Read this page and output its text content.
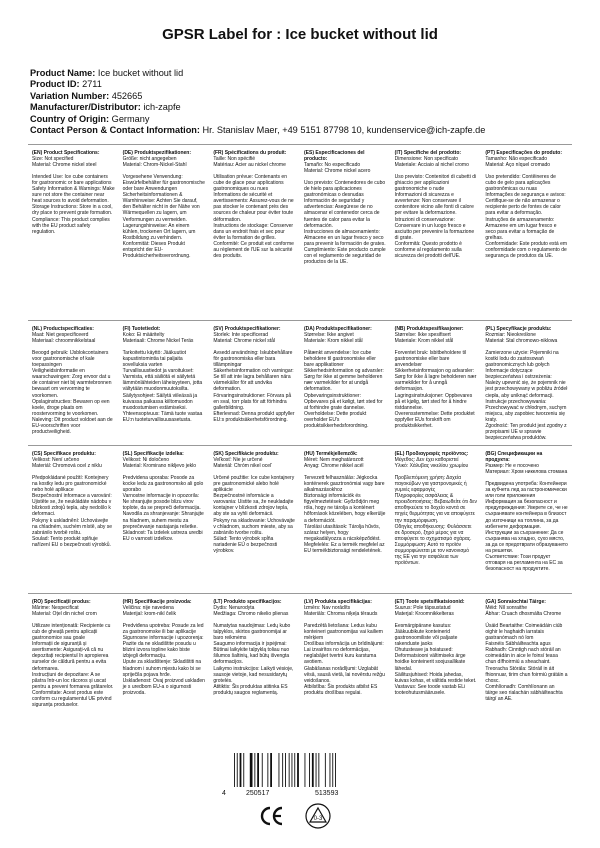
GPSR Label for : Ice bucket without lid
Product Name: Ice bucket without lid
Product ID: 2711
Variation Number: 452665
Manufacturer/Distributor: ich-zapfe
Country of Origin: Germany
Contact Person & Contact Information: Hr. Stanislav Maer, +49 5151 87798 10, kundenservice@ich-zapfe.de
(EN) Product Specifications:
Size: Not specified
Material: Chrome nickel steel

Intended Use: Ice cube containers for gastronomic or bare applications
Safety Information & Warnings: Make sure not store the container near heat sources to avoid deformation.
Storage Instructions: Store in a cool, dry place to prevent grate formation.
Compliance: This product complies with the EU product safety regulation.
(DE) Produktspezifikationen:
Größe: nicht angegeben
Material: Chrom-Nickel-Stahl

Vorgesehene Verwendung: Eiswürfelbehälter für gastronomische oder bare Anwendungen
Sicherheitsinformationen & Warnhinweise: Achten Sie darauf, den Behälter nicht in der Nähe von Wärmequellen zu lagern, um Verformungen zu vermeiden.
Lagerungshinweise: An einem kühlen, trockenen Ort lagern, um Rostbildung zu verhindern.
Konformität: Dieses Produkt entspricht der EU-Produktsicherheitsverordnung.
(FR) Spécifications du produit:
Taille: Non spécifié
Matériau: Acier au nickel chrome

Utilisation prévue: Contenants en cube de glace pour applications gastronomiques ou nues
Informations de sécurité et avertissements: Assurez-vous de ne pas stocker le contenant près des sources de chaleur pour éviter toute déformation.
Instructions de stockage: Conserver dans un endroit frais et sec pour éviter la formation de grilles.
Conformité: Ce produit est conforme au règlement de l'UE sur la sécurité des produits.
(ES) Especificaciones del producto:
Tamaño: No especificado
Material: Chrome nickel acero

Uso previsto: Contenedores de cubo de hielo para aplicaciones gastronómicas o desnudas
Información de seguridad y advertencias: Asegúrese de no almacenar el contenedor cerca de fuentes de calor para evitar la deformación.
Instrucciones de almacenamiento: Almacene en un lugar fresco y seco para prevenir la formación de grates.
Cumplimiento: Este producto cumple con el reglamento de seguridad de productos de la UE.
(IT) Specifiche del prodotto:
Dimensione: Non specificato
Materiale: Acciaio al nichel cromo

Uso previsto: Contenitori di cubetti di ghiaccio per applicazioni gastronomiche o nude
Informazioni di sicurezza e avvertenze: Non conservare il contenitore vicino alle fonti di calore per evitare la deformazione.
Istruzioni di conservazione: Conservare in un luogo fresco e asciutto per prevenire la formazione di grate.
Conformità: Questo prodotto è conforme al regolamento sulla sicurezza dei prodotti dell'UE.
(PT) Especificações do produto:
Tamanho: Não especificado
Material: Aço níquel cromado

Uso pretendido: Contêineres de cubo de gelo para aplicações gastronômicas ou nuas
Informações de segurança e avisos: Certifique-se de não armazenar o recipiente perto de fontes de calor para evitar a deformação.
Instruções de armazenamento: Armazene em um lugar fresco e seco para evitar a formação de grelhas.
Conformidade: Este produto está em conformidade com o regulamento de segurança de produtos da UE.
(NL) Productspecificaties:
Maat: Niet gespecificeerd
Materiaal: chroomnikkelstaal

Beoogd gebruik: IJsblokcontainers voor gastronomische of kale toepassingen
Veiligheidsinformatie en waarschuwingen: Zorg ervoor dat u de container niet bij warmtebronnen bewaart om vervorming te voorkomen.
Opslaginstructies: Bewaren op een koele, droge plaats om roostervorming te voorkomen.
Naleving: Dit product voldoet aan de EU-voorschriften voor productveiligheid.
(FI) Tuotetiedot:
Koko: Ei määritelty
Materiaali: Chrome Nickel Teräs

Tarkoitettu käyttö: Jääkuutiot kapustintomintia tai paljaita sovelluksia varten
Turvallisuustiedot ja varoitukset: Varmista, että säiliötä ei säilytetä lämmönlähteiden läheisyyteen, jotta vältytään muodonmuutoksilta.
Säilytysohjeet: Säilytä viileässä ja kuivassa paikassa kiiltomuodon muodostumisen estämiseksi.
Yhteensopivuus: Tämä tuote vastaa EU:n tuoteturvallisuusasetusta.
(SV) Produktspecifikationer:
Storlek: Inte specificerad
Material: Chrome nickel stål

Avsedd användning: Iskubbehållare för gastronomiska eller bara tillämpningar
Säkerhetsinformation och varningar: Se till att inte lagra behållaren nära värmekällor för att undvika deformation.
Förvaringsinstruktioner: Förvara på en sval, torr plats för att förhindra gallerbildning.
Efterlevnad: Denna produkt uppfyller EU:s produktsäkerhetsförordning.
(DA) Produktspecifikationer:
Størrelse: Ikke angivet
Materiale: Krom nikkel stål

Påtænkt anvendelse: Ice cube beholdere til gastronomiske eller bare applikationer
Sikkerhedsinformation og advarsler: Sørg for ikke at gemme beholderen nær varmekilder for at undgå deformation.
Opbevaringsinstruktioner: Opbevares på et køligt, tørt sted for at forhindre grate dannelse.
Overholdelse: Dette produkt overholder EU's produktsikkerhedsforordning.
(NB) Produktspesifikasjoner:
Størrelse: Ikke spesifisert
Materiale: Krom nikkel stål

Forventet bruk: Isbitbeholdere til gastronomiske eller bare anvendelser
Sikkerhetsinformasjon og advarsler: Sørg for ikke å lagre beholderen nær varmekilder for å unngå deformasjon.
Lagringsinstruksjoner: Oppbevares på et kjølig, tørt sted for å hindre ristdannelse.
Overensstemmelse: Dette produktet oppfyller EUs forskrift om produktsikkerhet.
(PL) Specyfikacje produktu:
Rozmiar: Nieokreślone
Materiał: Stal chromowo-niklowa

Zamierzone użycie: Pojemniki na kostki lodu do zastosowań gastronomicznych lub gołych
Informacje dotyczące bezpieczeństwa i ostrzeżenia: Należy upewnić się, że pojemnik nie jest przechowywany w pobliżu źródeł ciepła, aby uniknąć deformacji.
Instrukcje przechowywania: Przechowywać w chłodnym, suchym miejscu, aby zapobiec tworzeniu się kraty.
Zgodność: Ten produkt jest zgodny z przepisami UE w sprawie bezpieczeństwa produktów.
(CS) Specifikace produktu:
Velikost: Není určeno
Materiál: Chromová ocel z niklu

Předpokládané použití: Kontejnery na kostky ledu pro gastronomické nebo holé aplikace
Bezpečnostní informace a varování: Ujistěte se, že neukládáte nádobu v blízkosti zdrojů tepla, aby nedošlo k deformaci.
Pokyny k uskladnění: Uchovávejte na chladném, suchém místě, aby se zabránilo tvorbě roštu.
Soulad: Tento produkt splňuje nařízení EU o bezpečnosti výrobků.
(SL) Specifikacije izdelka:
Velikost: Ni določeno
Material: Kromirano nikljevo jeklo

Predvidena uporaba: Posode za kocke ledu za gastronomsko ali golo uporabo
Varnostne informacije in opozorila: Ne shranjujte posode blizu virov toplote, da se prepreči deformacija.
Navodila za shranjevanje: Shranjujte na hladnem, suhem mestu za preprečevanje nastajanja rešetke.
Skladnost: Ta izdelek ustreza uredbi EU o varnosti izdelkov.
(SK) Špecifikácie produktu:
Veľkosť: Nie je určené
Materiál: Chróm nikel oceľ

Určené použitie: Ice cube kontajnery pre gastronomické alebo holé aplikácie
Bezpečnostné informácie a varovania: Uistite sa, že neukladajte kontajner v blízkosti zdrojov tepla, aby ste sa vyhli deformácii.
Pokyny na skladovanie: Uchovávajte v chladnom, suchom mieste, aby sa zabránilo tvorbe roštu.
Súlad: Tento výrobok spĺňa nariadenie EÚ o bezpečnosti výrobkov.
(HU) Termékjellemzők:
Méret: Nem meghatározott
Anyag: Chrome nikkel acél

Tervezett felhasználás: Jégkocka konténerek gasztronómiai vagy bare alkalmazásokhoz
Biztonsági információk és figyelmeztetések: Győződjön meg róla, hogy ne tárolja a konténert hőforrások közelében, hogy elkerülje a deformációt.
Tárolási utasítások: Tárolja hűvös, száraz helyen, hogy megakadályozza a rácsképződést.
Megfelelés: Ez a termék megfelel az EU termékbiztonsági rendeletének.
(EL) Προδιαγραφές προϊόντος:
Μέγεθος: Δεν έχει καθοριστεί
Υλικό: Χάλυβας νικελίου χρωμίου

Προβλεπόμενη χρήση: Δοχεία παγοκύβων για γαστρονομικές ή γυμνές εφαρμογές
Πληροφορίες ασφάλειας & προειδοποιήσεις: Βεβαιωθείτε ότι δεν αποθηκεύετε το δοχείο κοντά σε πηγές θερμότητας για να αποφύγετε την παραμόρφωση.
Οδηγίες αποθήκευσης: Φυλάσσετε σε δροσερό, ξηρό μέρος για να αποφύγετε το σχηματισμό σχάρας.
Συμμόρφωση: Αυτό το προϊόν συμμορφώνεται με τον κανονισμό της ΕΕ για την ασφάλεια των προϊόντων.
(BG) Спецификации на продукта:
Размер: Не е посочено
Материал: Хром никелова стомана

Предвидена употреба: Контейнери за кубчета лед за гастрономически или голи приложения
Информация за безопасност и предупреждения: Уверете се, че не съхранявате контейнера в близост до източници на топлина, за да избегнете деформация.
Инструкции за съхранение: Да се съхранява на хладно, сухо място, за да се предотврати образуването на решетки.
Съответствие: Този продукт отговаря на регламента на ЕС за безопасност на продуктите.
(RO) Specificații produs:
Mărime: Nespecificat
Material: Oțel din nichel crom

Utilizare intenționată: Recipiente cu cub de gheață pentru aplicații gastronomice sau goale
Informații de siguranță și avertismente: Asigurați-vă că nu depozitați recipientul în apropierea surselor de căldură pentru a evita deformarea.
Instrucțiuni de depozitare: A se păstra într-un loc răcoros și uscat pentru a preveni formarea grătarelor.
Conformitate: Acest produs este conform cu regulamentul UE privind siguranța produselor.
(HR) Specifikacije proizvoda:
Veličina: nije navedena
Materijal: krom-nikl čelik

Predviđena upotreba: Posude za led za gastronomske ili bar aplikacije
Sigurnosne informacije i upozorenja: Pazite da ne skladištite posudu u blizini izvora topline kako biste izbjegli deformaciju.
Upute za skladištenje: Skladištiti na hladnom i suhom mjestu kako bi se spriječila pojava hrđe.
Usklađenost: Ovaj proizvod usklađen je s uredbom EU-a o sigurnosti proizvoda.
(LT) Produkto specifikacijos:
Dydis: Nenurodyta
Medžiaga: Chromo nikelio plienas

Numatytas naudojimas: Ledų kubo talpyklos, skirtos gastronomijai ar baro reikmėms
Saugumo informacija ir įspėjimai: Būtinai laikykite talpyklą toliau nuo šilumos šaltinių, kad būtų išvengta deformacijos.
Laikymo instrukcijos: Laikyti vėsioje, sausoje vietoje, kad nesusidarytų grotelės.
Atitiktis: Šis produktas atitinka ES produktų saugos reglamentą.
(LV) Produkta specifikācijas:
Izmērs: Nav norādīts
Materiāls: Chroma niķeļa tērauds

Paredzētā lietošana: Ledus kubu konteineri gastronomijas vai kailiem mērķiem
Drošības informācija un brīdinājumi: Lai izvairītos no deformācijas, neglabājiet tvertni kuru karstuma avotiem.
Glabāšanas norādījumi: Uzglabāt vēsā, sausā vietā, lai novērstu režģu veidošanos.
Atbilstība: Šis produkts atbilst ES produktu drošības regulai.
(ET) Toote spetsifikatsioonid:
Suurus: Pole täpsustatud
Materjal: Kroomnikkelteras

Eesmärgipärane kasutus: Jääkuubikute konteinerid gastronoomiliste või paljaste rakenduste jaoks
Ohutusteave ja hoiatused: Deformatsiooni vältimiseks ärge hoidke konteinerit soojusallikate lähedal.
Säilitusjuhised: Hoida jahedas, kuivas kohas, et vältida restide teket.
Vastavus: See toode vastab ELi tooteohutusmäärusele.
(GA) Sonraíochtaí Táirge:
Méid: Níl sonraithe
Ábhar: Cruach dhosmálta Chrome

Úsáid Beartaithe: Coimeádáin ciúb oighir le haghaidh iarratais gastranómach nó lom
Faisnéis Sábháilteachta agus Rabhadh: Cinntigh nach stóráil an coimeádán in aice le foinsí teasa chun dífhoirmiú a sheachaint.
Treoracha Stórála: Stóráil in áit fhionnuar, tirim chun foirmiú grátáin a chosc.
Comhlíonadh: Comhlíonann an táirge seo rialachán sábháilteachta táirgí an AE.
4	250517	513593
0-3
